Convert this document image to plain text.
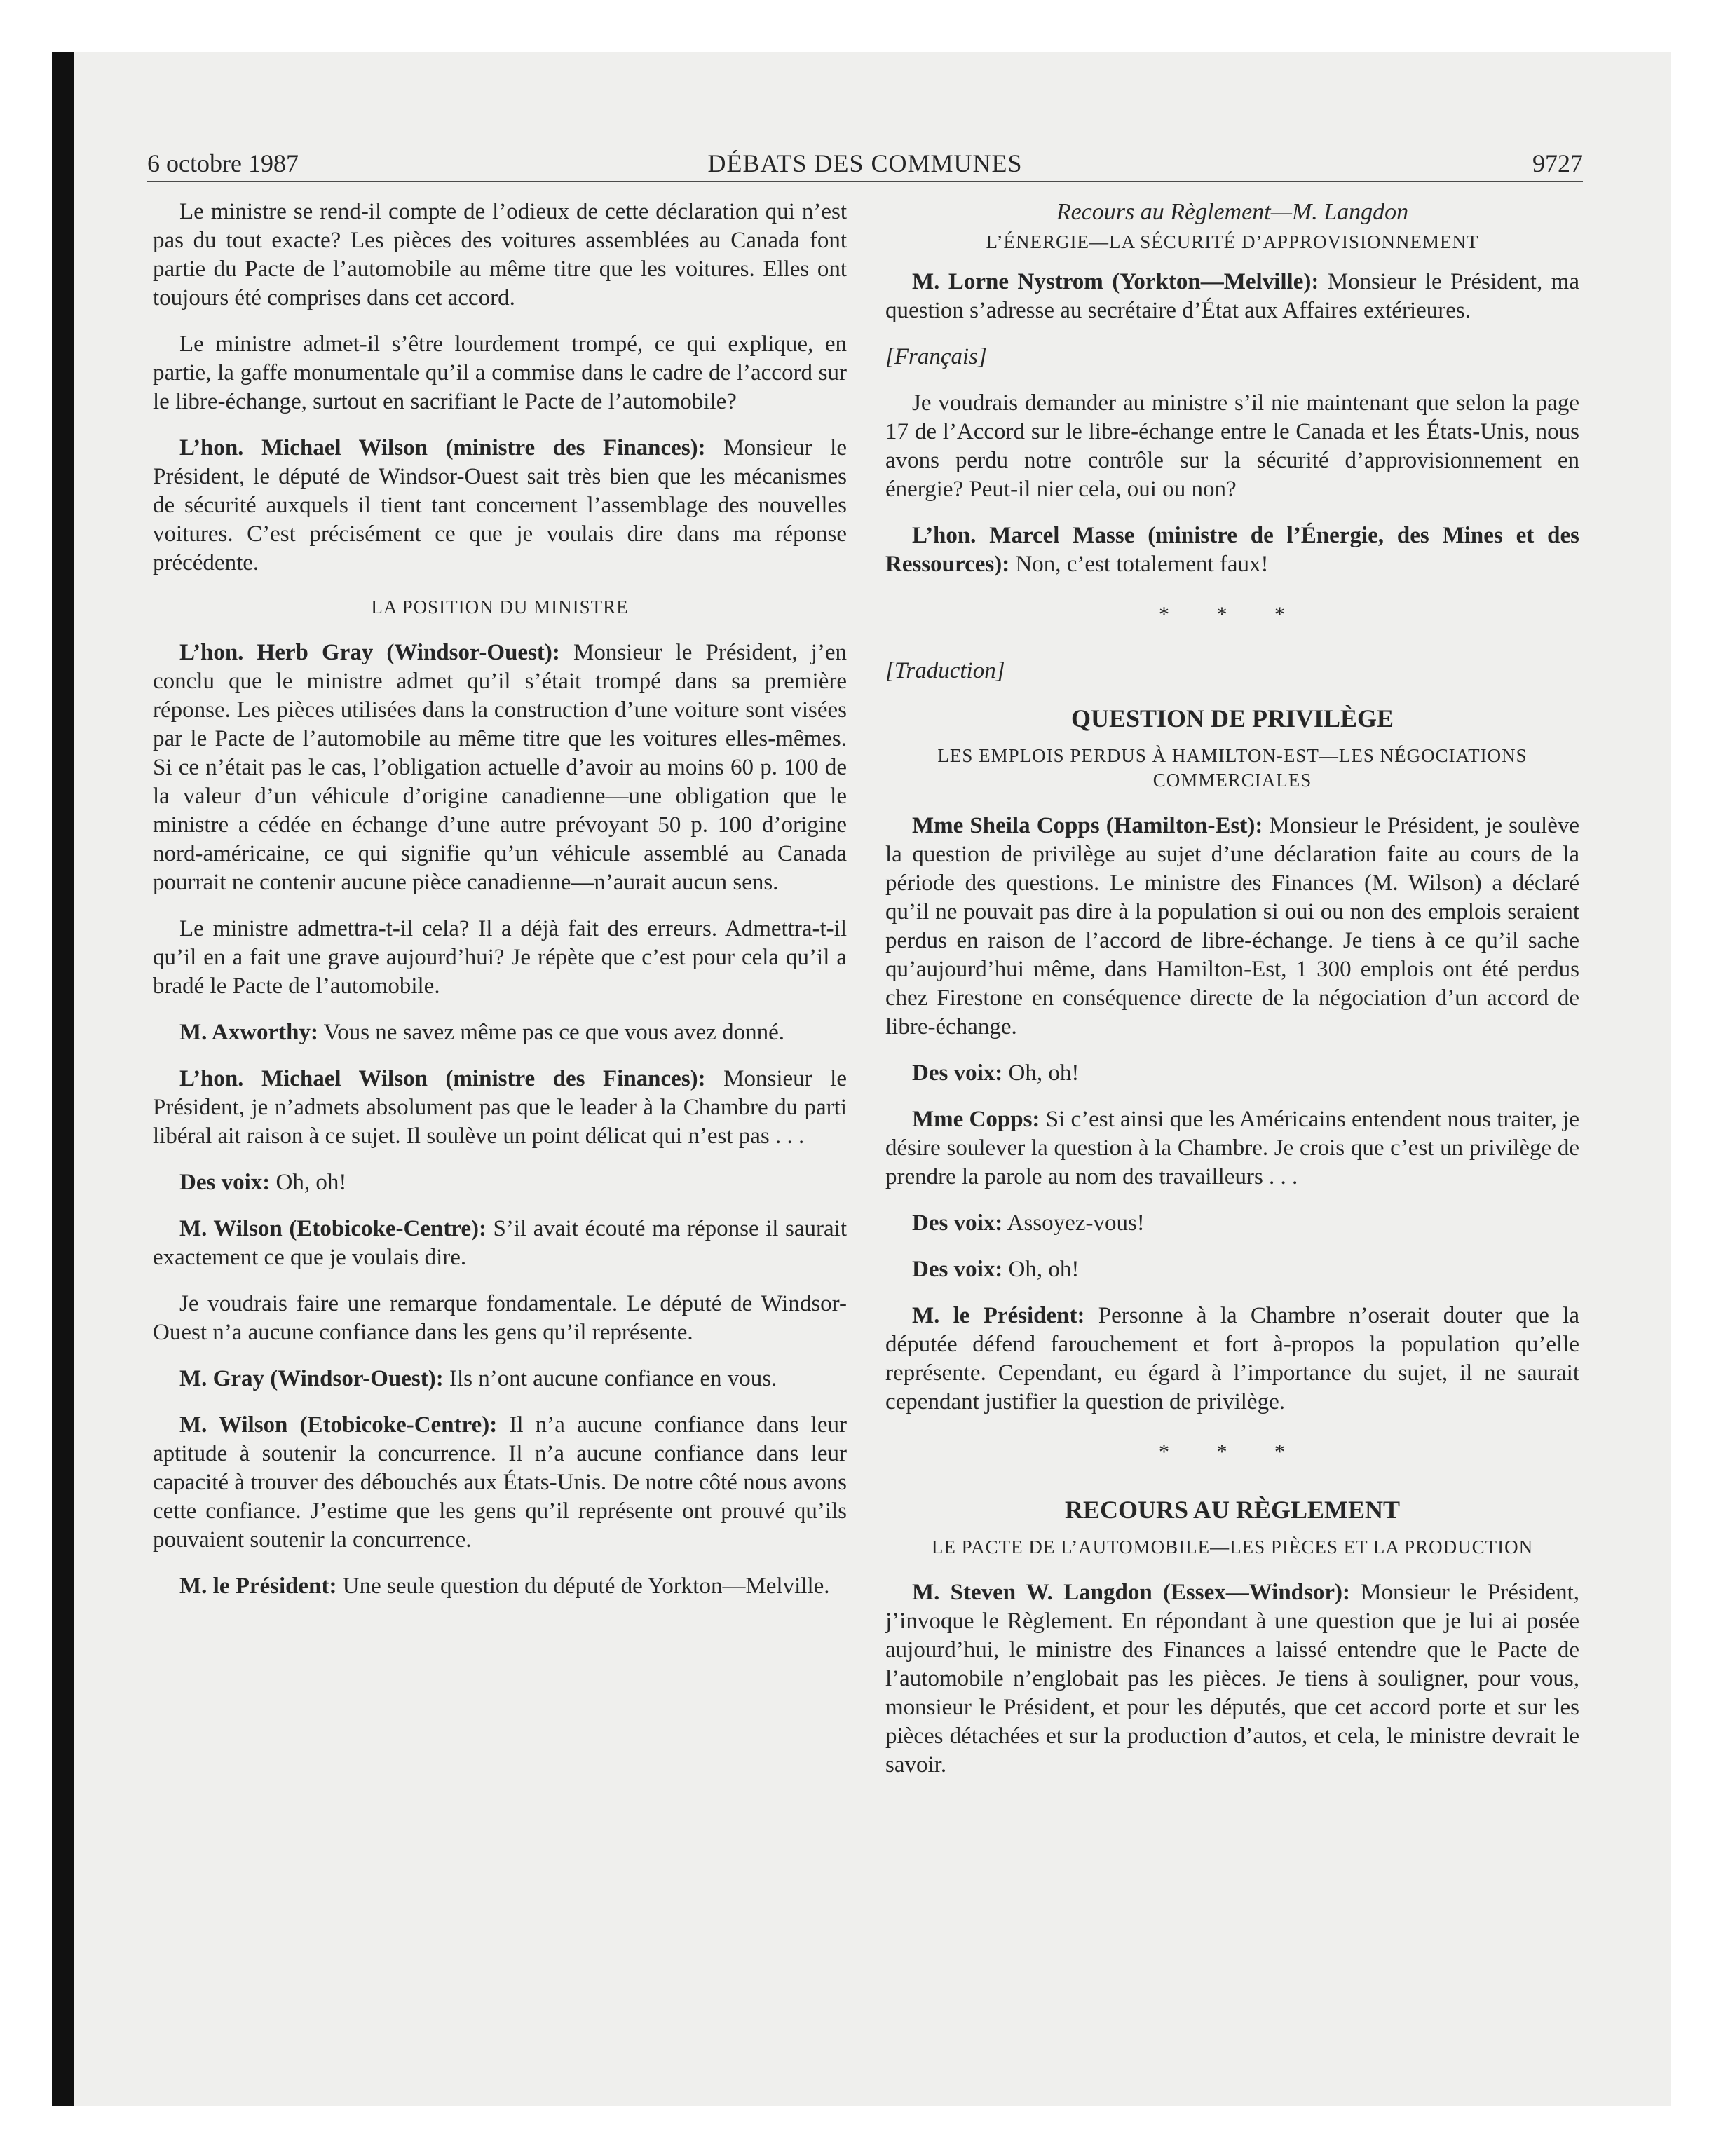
6 octobre 1987	DÉBATS DES COMMUNES	9727

Le ministre se rend-il compte de l’odieux de cette déclaration qui n’est pas du tout exacte? Les pièces des voitures assemblées au Canada font partie du Pacte de l’automobile au même titre que les voitures. Elles ont toujours été comprises dans cet accord.

Le ministre admet-il s’être lourdement trompé, ce qui explique, en partie, la gaffe monumentale qu’il a commise dans le cadre de l’accord sur le libre-échange, surtout en sacrifiant le Pacte de l’automobile?

L’hon. Michael Wilson (ministre des Finances): Monsieur le Président, le député de Windsor-Ouest sait très bien que les mécanismes de sécurité auxquels il tient tant concernent l’assemblage des nouvelles voitures. C’est précisément ce que je voulais dire dans ma réponse précédente.

LA POSITION DU MINISTRE

L’hon. Herb Gray (Windsor-Ouest): Monsieur le Président, j’en conclu que le ministre admet qu’il s’était trompé dans sa première réponse. Les pièces utilisées dans la construction d’une voiture sont visées par le Pacte de l’automobile au même titre que les voitures elles-mêmes. Si ce n’était pas le cas, l’obligation actuelle d’avoir au moins 60 p. 100 de la valeur d’un véhicule d’origine canadienne—une obligation que le ministre a cédée en échange d’une autre prévoyant 50 p. 100 d’origine nord-américaine, ce qui signifie qu’un véhicule assemblé au Canada pourrait ne contenir aucune pièce canadienne—n’aurait aucun sens.

Le ministre admettra-t-il cela? Il a déjà fait des erreurs. Admettra-t-il qu’il en a fait une grave aujourd’hui? Je répète que c’est pour cela qu’il a bradé le Pacte de l’automobile.

M. Axworthy: Vous ne savez même pas ce que vous avez donné.

L’hon. Michael Wilson (ministre des Finances): Monsieur le Président, je n’admets absolument pas que le leader à la Chambre du parti libéral ait raison à ce sujet. Il soulève un point délicat qui n’est pas . . .

Des voix: Oh, oh!

M. Wilson (Etobicoke-Centre): S’il avait écouté ma réponse il saurait exactement ce que je voulais dire.

Je voudrais faire une remarque fondamentale. Le député de Windsor-Ouest n’a aucune confiance dans les gens qu’il représente.

M. Gray (Windsor-Ouest): Ils n’ont aucune confiance en vous.

M. Wilson (Etobicoke-Centre): Il n’a aucune confiance dans leur aptitude à soutenir la concurrence. Il n’a aucune confiance dans leur capacité à trouver des débouchés aux États-Unis. De notre côté nous avons cette confiance. J’estime que les gens qu’il représente ont prouvé qu’ils pouvaient soutenir la concurrence.

M. le Président: Une seule question du député de Yorkton—Melville.

Recours au Règlement—M. Langdon
L’ÉNERGIE—LA SÉCURITÉ D’APPROVISIONNEMENT

M. Lorne Nystrom (Yorkton—Melville): Monsieur le Président, ma question s’adresse au secrétaire d’État aux Affaires extérieures.

[Français]

Je voudrais demander au ministre s’il nie maintenant que selon la page 17 de l’Accord sur le libre-échange entre le Canada et les États-Unis, nous avons perdu notre contrôle sur la sécurité d’approvisionnement en énergie? Peut-il nier cela, oui ou non?

L’hon. Marcel Masse (ministre de l’Énergie, des Mines et des Ressources): Non, c’est totalement faux!

* * *

[Traduction]

QUESTION DE PRIVILÈGE
LES EMPLOIS PERDUS À HAMILTON-EST—LES NÉGOCIATIONS COMMERCIALES

Mme Sheila Copps (Hamilton-Est): Monsieur le Président, je soulève la question de privilège au sujet d’une déclaration faite au cours de la période des questions. Le ministre des Finances (M. Wilson) a déclaré qu’il ne pouvait pas dire à la population si oui ou non des emplois seraient perdus en raison de l’accord de libre-échange. Je tiens à ce qu’il sache qu’aujourd’hui même, dans Hamilton-Est, 1 300 emplois ont été perdus chez Firestone en conséquence directe de la négociation d’un accord de libre-échange.

Des voix: Oh, oh!

Mme Copps: Si c’est ainsi que les Américains entendent nous traiter, je désire soulever la question à la Chambre. Je crois que c’est un privilège de prendre la parole au nom des travailleurs . . .

Des voix: Assoyez-vous!

Des voix: Oh, oh!

M. le Président: Personne à la Chambre n’oserait douter que la députée défend farouchement et fort à-propos la population qu’elle représente. Cependant, eu égard à l’importance du sujet, il ne saurait cependant justifier la question de privilège.

* * *
RECOURS AU RÈGLEMENT
LE PACTE DE L’AUTOMOBILE—LES PIÈCES ET LA PRODUCTION

M. Steven W. Langdon (Essex—Windsor): Monsieur le Président, j’invoque le Règlement. En répondant à une question que je lui ai posée aujourd’hui, le ministre des Finances a laissé entendre que le Pacte de l’automobile n’englobait pas les pièces. Je tiens à souligner, pour vous, monsieur le Président, et pour les députés, que cet accord porte et sur les pièces détachées et sur la production d’autos, et cela, le ministre devrait le savoir.
